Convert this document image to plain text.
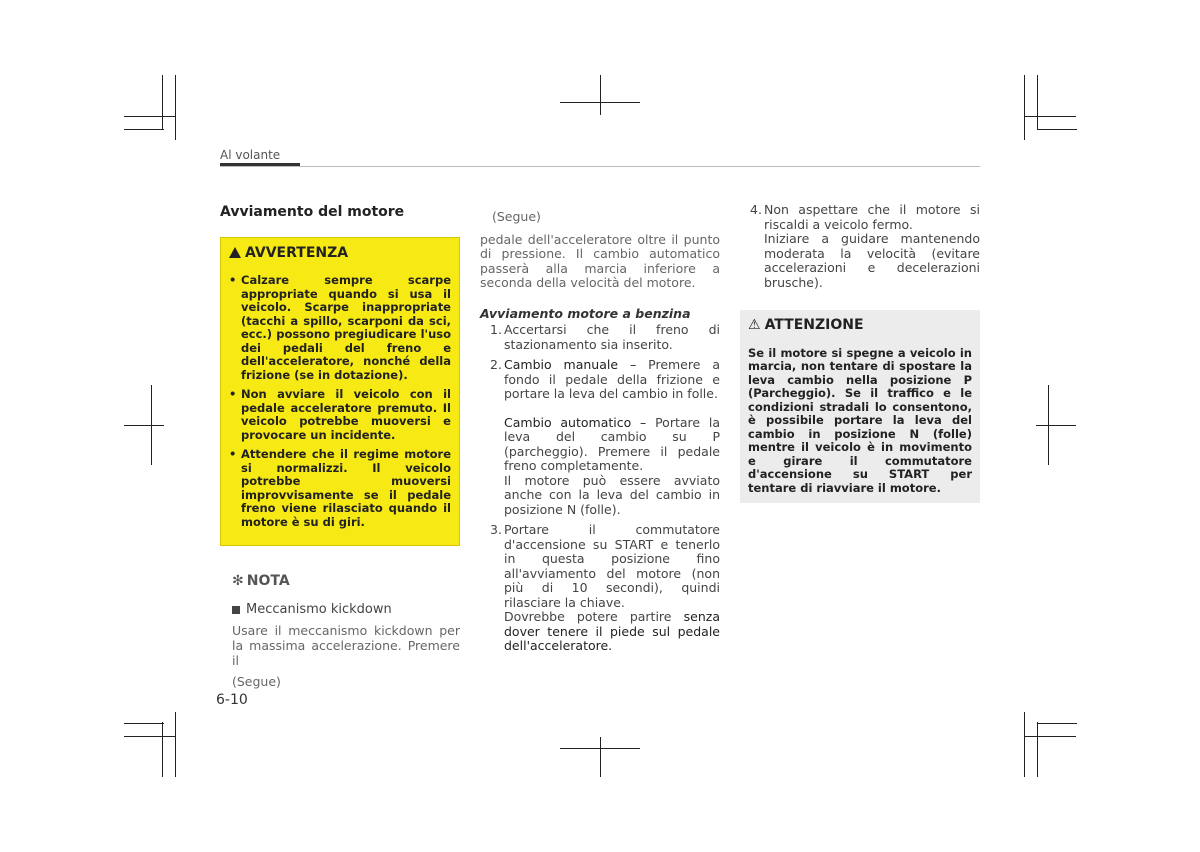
Al volante
Avviamento del motore
AVVERTENZA
• Calzare sempre scarpe appropriate quando si usa il veicolo. Scarpe inappropriate (tacchi a spillo, scarponi da sci, ecc.) possono pregiudicare l'uso dei pedali del freno e dell'acceleratore, nonché della frizione (se in dotazione).
• Non avviare il veicolo con il pedale acceleratore premuto. Il veicolo potrebbe muoversi e provocare un incidente.
• Attendere che il regime motore si normalizzi. Il veicolo potrebbe muoversi improvvisamente se il pedale freno viene rilasciato quando il motore è su di giri.
✻ NOTA
Meccanismo kickdown
Usare il meccanismo kickdown per la massima accelerazione. Premere il
(Segue)
(Segue)
pedale dell'acceleratore oltre il punto di pressione. Il cambio automatico passerà alla marcia inferiore a seconda della velocità del motore.
Avviamento motore a benzina
1. Accertarsi che il freno di stazionamento sia inserito.
2. Cambio manuale – Premere a fondo il pedale della frizione e portare la leva del cambio in folle.
Cambio automatico – Portare la leva del cambio su P (parcheggio). Premere il pedale freno completamente.
Il motore può essere avviato anche con la leva del cambio in posizione N (folle).
3. Portare il commutatore d'accensione su START e tenerlo in questa posizione fino all'avviamento del motore (non più di 10 secondi), quindi rilasciare la chiave.
Dovrebbe potere partire senza dover tenere il piede sul pedale dell'acceleratore.
4. Non aspettare che il motore si riscaldi a veicolo fermo.
Iniziare a guidare mantenendo moderata la velocità (evitare accelerazioni e decelerazioni brusche).
⚠ ATTENZIONE
Se il motore si spegne a veicolo in marcia, non tentare di spostare la leva cambio nella posizione P (Parcheggio). Se il traffico e le condizioni stradali lo consentono, è possibile portare la leva del cambio in posizione N (folle) mentre il veicolo è in movimento e girare il commutatore d'accensione su START per tentare di riavviare il motore.
6-10
